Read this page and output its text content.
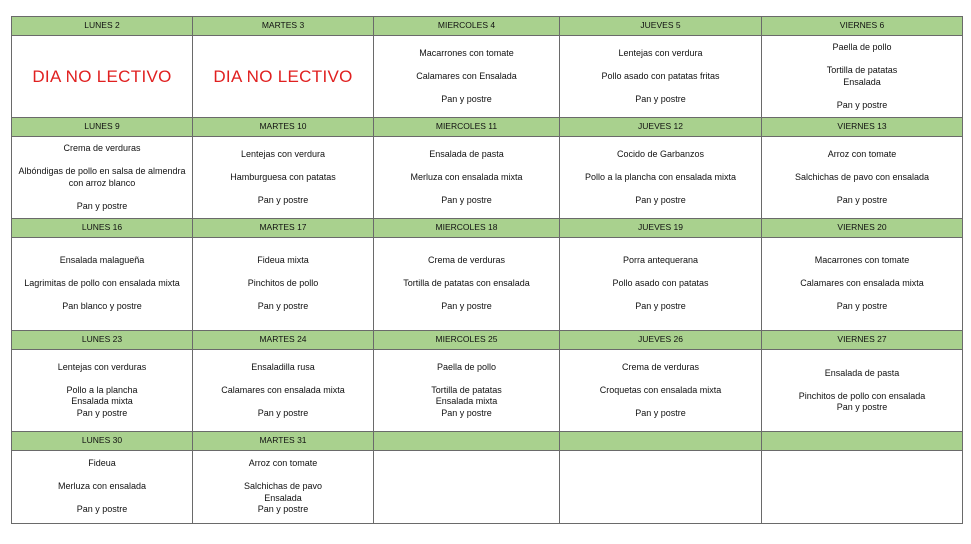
LUNES 2	MARTES 3	MIERCOLES 4	JUEVES 5	VIERNES 6
DIA NO LECTIVO	DIA NO LECTIVO	Macarrones con tomate
Calamares con Ensalada
Pan y postre	Lentejas con verdura
Pollo asado con patatas fritas
Pan y postre	Paella de pollo
Tortilla de patatas
Ensalada
Pan y postre

LUNES 9	MARTES 10	MIERCOLES 11	JUEVES 12	VIERNES 13

Crema de verduras
Albóndigas de pollo en salsa de almendra
con arroz blanco
Pan y postre	Lentejas con verdura
Hamburguesa con patatas
Pan y postre	Ensalada de pasta
Merluza con ensalada mixta
Pan y postre	Cocido de Garbanzos
Pollo a la plancha con ensalada mixta
Pan y postre	Arroz con tomate
Salchichas de pavo con ensalada
Pan y postre

LUNES 16	MARTES 17	MIERCOLES 18	JUEVES 19	VIERNES 20

Ensalada malagueña
Lagrimitas de pollo con ensalada mixta
Pan blanco y postre	Fideua mixta
Pinchitos de pollo
Pan y postre	Crema de verduras
Tortilla de patatas con ensalada
Pan y postre	Porra antequerana
Pollo asado con patatas
Pan y postre	Macarrones con tomate
Calamares con ensalada mixta
Pan y postre

LUNES 23	MARTES 24	MIERCOLES 25	JUEVES 26	VIERNES 27

Lentejas con verduras
Pollo a la plancha
Ensalada mixta
Pan y postre	Ensaladilla rusa
Calamares con ensalada mixta
Pan y postre	Paella de pollo
Tortilla de patatas
Ensalada mixta
Pan y postre	Crema de verduras
Croquetas con ensalada mixta
Pan y postre	Ensalada de pasta
Pinchitos de pollo con ensalada
Pan y postre

LUNES 30	MARTES 31			

Fideua
Merluza con ensalada
Pan y postre	Arroz con tomate
Salchichas de pavo
Ensalada
Pan y postre			
